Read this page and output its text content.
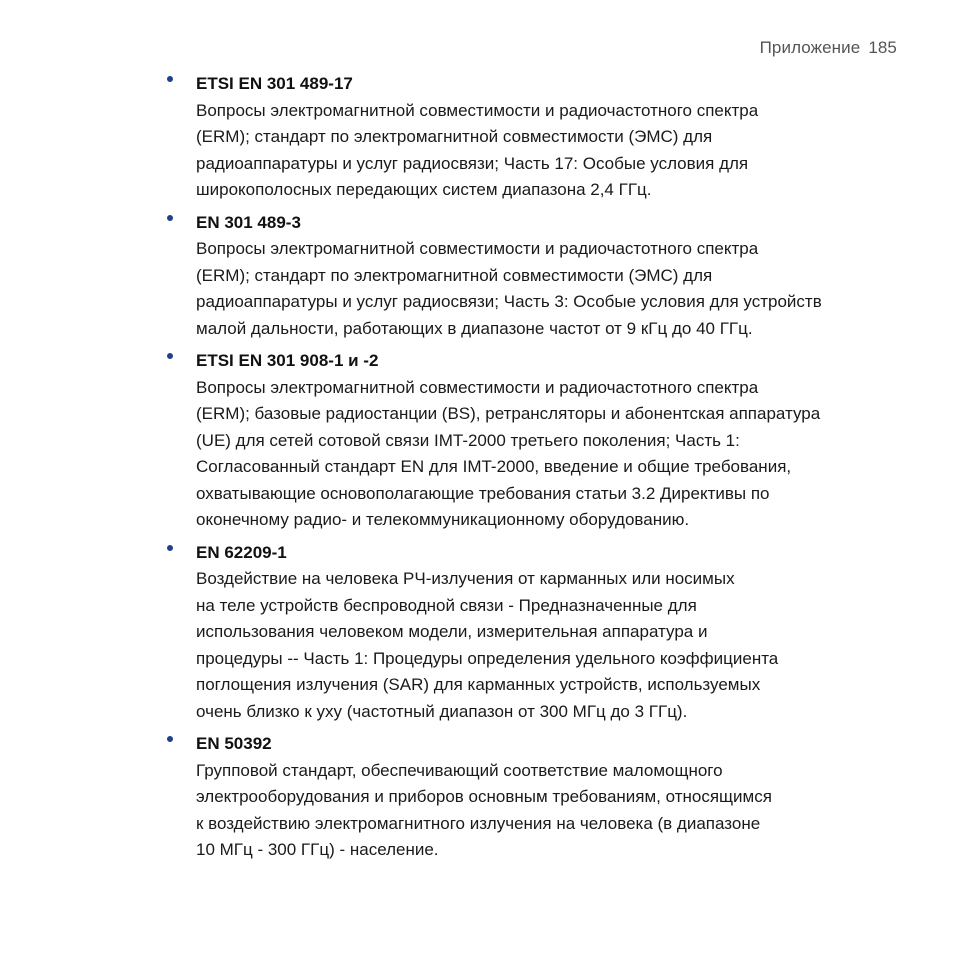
Приложение 185
ETSI EN 301 489-17
Вопросы электромагнитной совместимости и радиочастотного спектра
(ERM); стандарт по электромагнитной совместимости (ЭМС) для
радиоаппаратуры и услуг радиосвязи; Часть 17: Особые условия для
широкополосных передающих систем диапазона 2,4 ГГц.
EN 301 489-3
Вопросы электромагнитной совместимости и радиочастотного спектра
(ERM); стандарт по электромагнитной совместимости (ЭМС) для
радиоаппаратуры и услуг радиосвязи; Часть 3: Особые условия для устройств
малой дальности, работающих в диапазоне частот от 9 кГц до 40 ГГц.
ETSI EN 301 908-1 и -2
Вопросы электромагнитной совместимости и радиочастотного спектра
(ERM); базовые радиостанции (BS), ретрансляторы и абонентская аппаратура
(UE) для сетей сотовой связи IMT-2000 третьего поколения; Часть 1:
Согласованный стандарт EN для IMT-2000, введение и общие требования,
охватывающие основополагающие требования статьи 3.2 Директивы по
оконечному радио- и телекоммуникационному оборудованию.
EN 62209-1
Воздействие на человека РЧ-излучения от карманных или носимых
на теле устройств беспроводной связи - Предназначенные для
использования человеком модели, измерительная аппаратура и
процедуры -- Часть 1: Процедуры определения удельного коэффициента
поглощения излучения (SAR) для карманных устройств, используемых
очень близко к уху (частотный диапазон от 300 МГц до 3 ГГц).
EN 50392
Групповой стандарт, обеспечивающий соответствие маломощного
электрооборудования и приборов основным требованиям, относящимся
к воздействию электромагнитного излучения на человека (в диапазоне
10 МГц - 300 ГГц) - население.
